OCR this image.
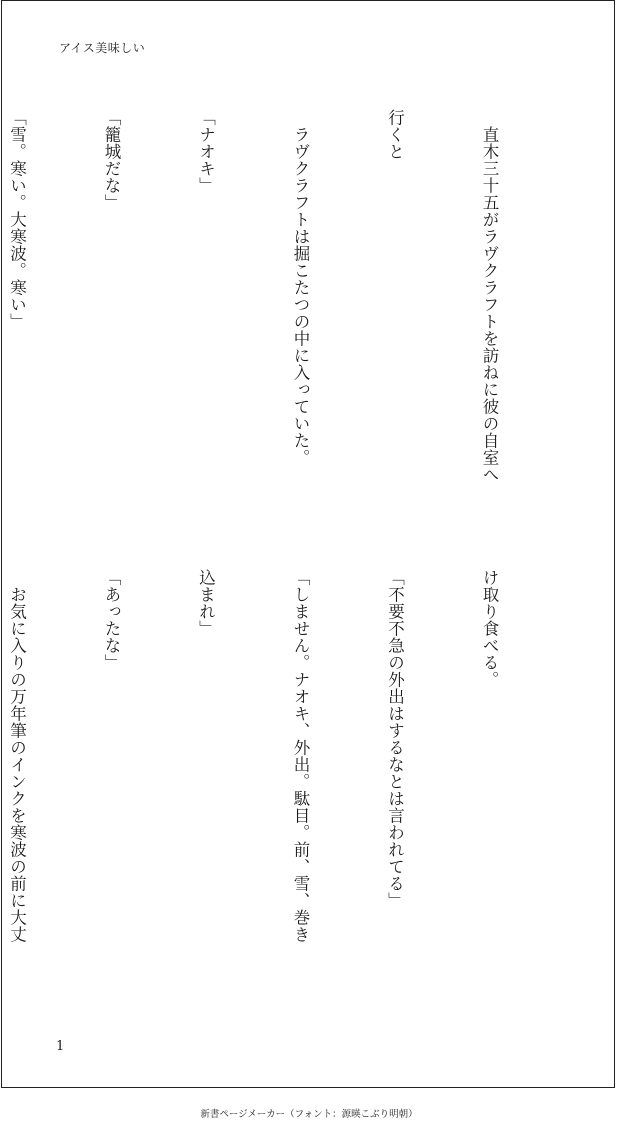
アイス美味しい

　直木三十五がラヴクラフトを訪ねに彼の自室へ

行くと

　ラヴクラフトは掘こたつの中に入っていた。

「ナオキ」

「籠城だな」

「雪。寒い。大寒波。寒い」

け取り食べる。

「不要不急の外出はするなとは言われてる」

「しません。ナオキ、外出。駄目。前、雪、巻き

込まれ」

「あったな」

　お気に入りの万年筆のインクを寒波の前に大丈

1
新書ページメーカー（フォント：源暎こぶり明朝）
